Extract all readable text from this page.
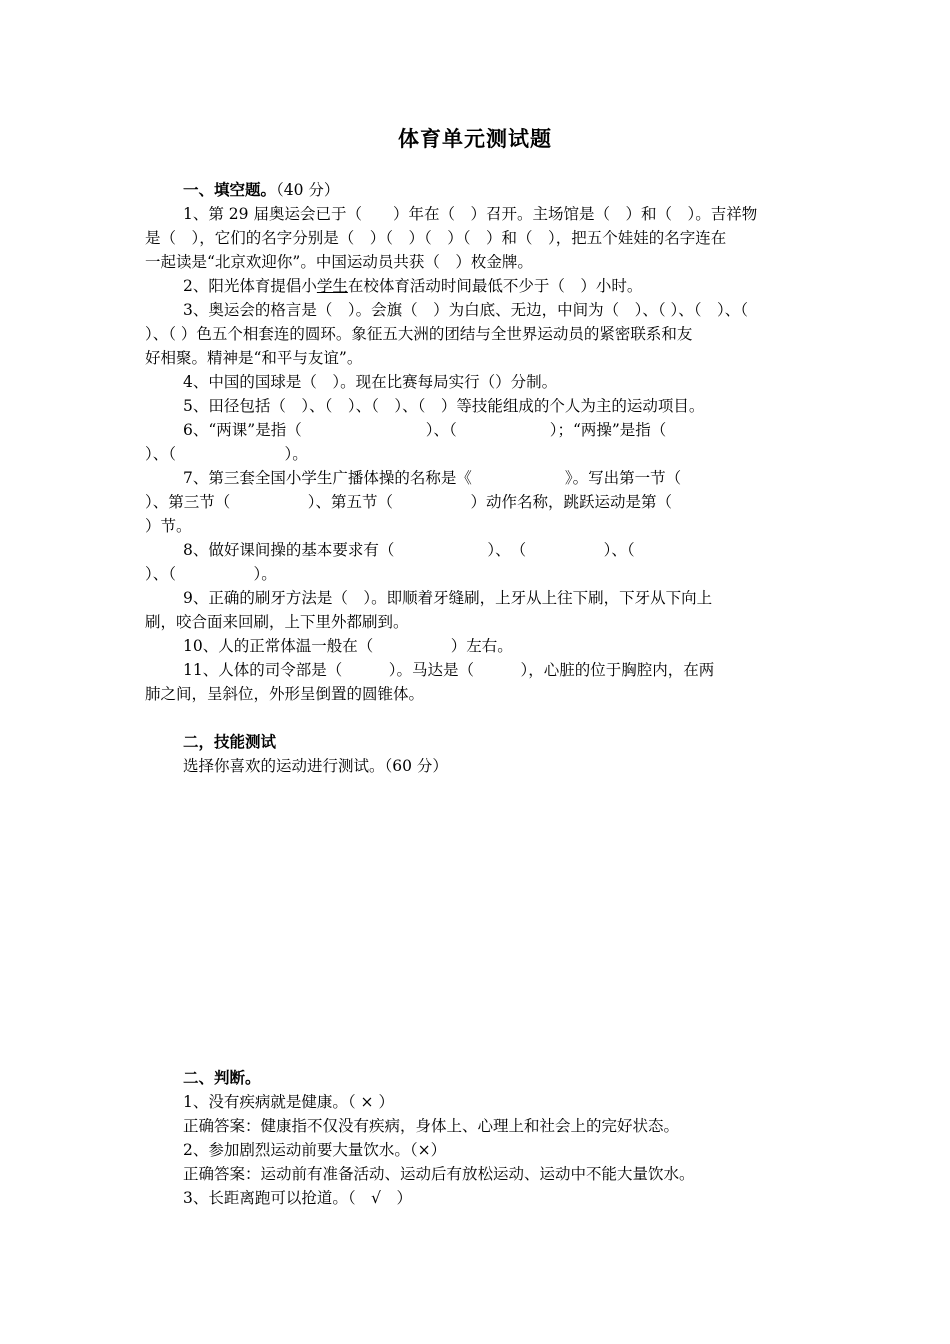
体育单元测试题
一、填空题。（40 分）
1、第 29 届奥运会已于（　　）年在（　）召开。主场馆是（　）和（　）。吉祥物
是（　），它们的名字分别是（　）（　）（　）（　）和（　），把五个娃娃的名字连在
一起读是“北京欢迎你”。中国运动员共获（　）枚金牌。
2、阳光体育提倡小学生在校体育活动时间最低不少于（　）小时。
3、奥运会的格言是（　）。会旗（　）为白底、无边，中间为（　）、（ ）、（　）、（
）、（ ）色五个相套连的圆环。象征五大洲的团结与全世界运动员的紧密联系和友
好相聚。精神是“和平与友谊”。
4、中国的国球是（　）。现在比赛每局实行（）分制。
5、田径包括（　）、（　）、（　）、（　）等技能组成的个人为主的运动项目。
6、“两课”是指（　　　　　　　　）、（　　　　　　）；“两操”是指（
）、（　　　　　　　）。
7、第三套全国小学生广播体操的名称是《　　　　　　》。写出第一节（
）、第三节（　　　　　）、第五节（　　　　　）动作名称，跳跃运动是第（
）节。
8、做好课间操的基本要求有（　　　　　　）、　（　　　　　）、（
）、（　　　　　）。
9、正确的刷牙方法是（　）。即顺着牙缝刷，上牙从上往下刷，下牙从下向上
刷，咬合面来回刷，上下里外都刷到。
10、人的正常体温一般在（　　　　　）左右。
11、人体的司令部是（　　　）。马达是（　　　），心脏的位于胸腔内，在两
肺之间，呈斜位，外形呈倒置的圆锥体。
二，技能测试
选择你喜欢的运动进行测试。（60 分）
二、判断。
1、没有疾病就是健康。（ × ）
正确答案：健康指不仅没有疾病，身体上、心理上和社会上的完好状态。
2、参加剧烈运动前要大量饮水。（×）
正确答案：运动前有准备活动、运动后有放松运动、运动中不能大量饮水。
3、长距离跑可以抢道。（　√　）
